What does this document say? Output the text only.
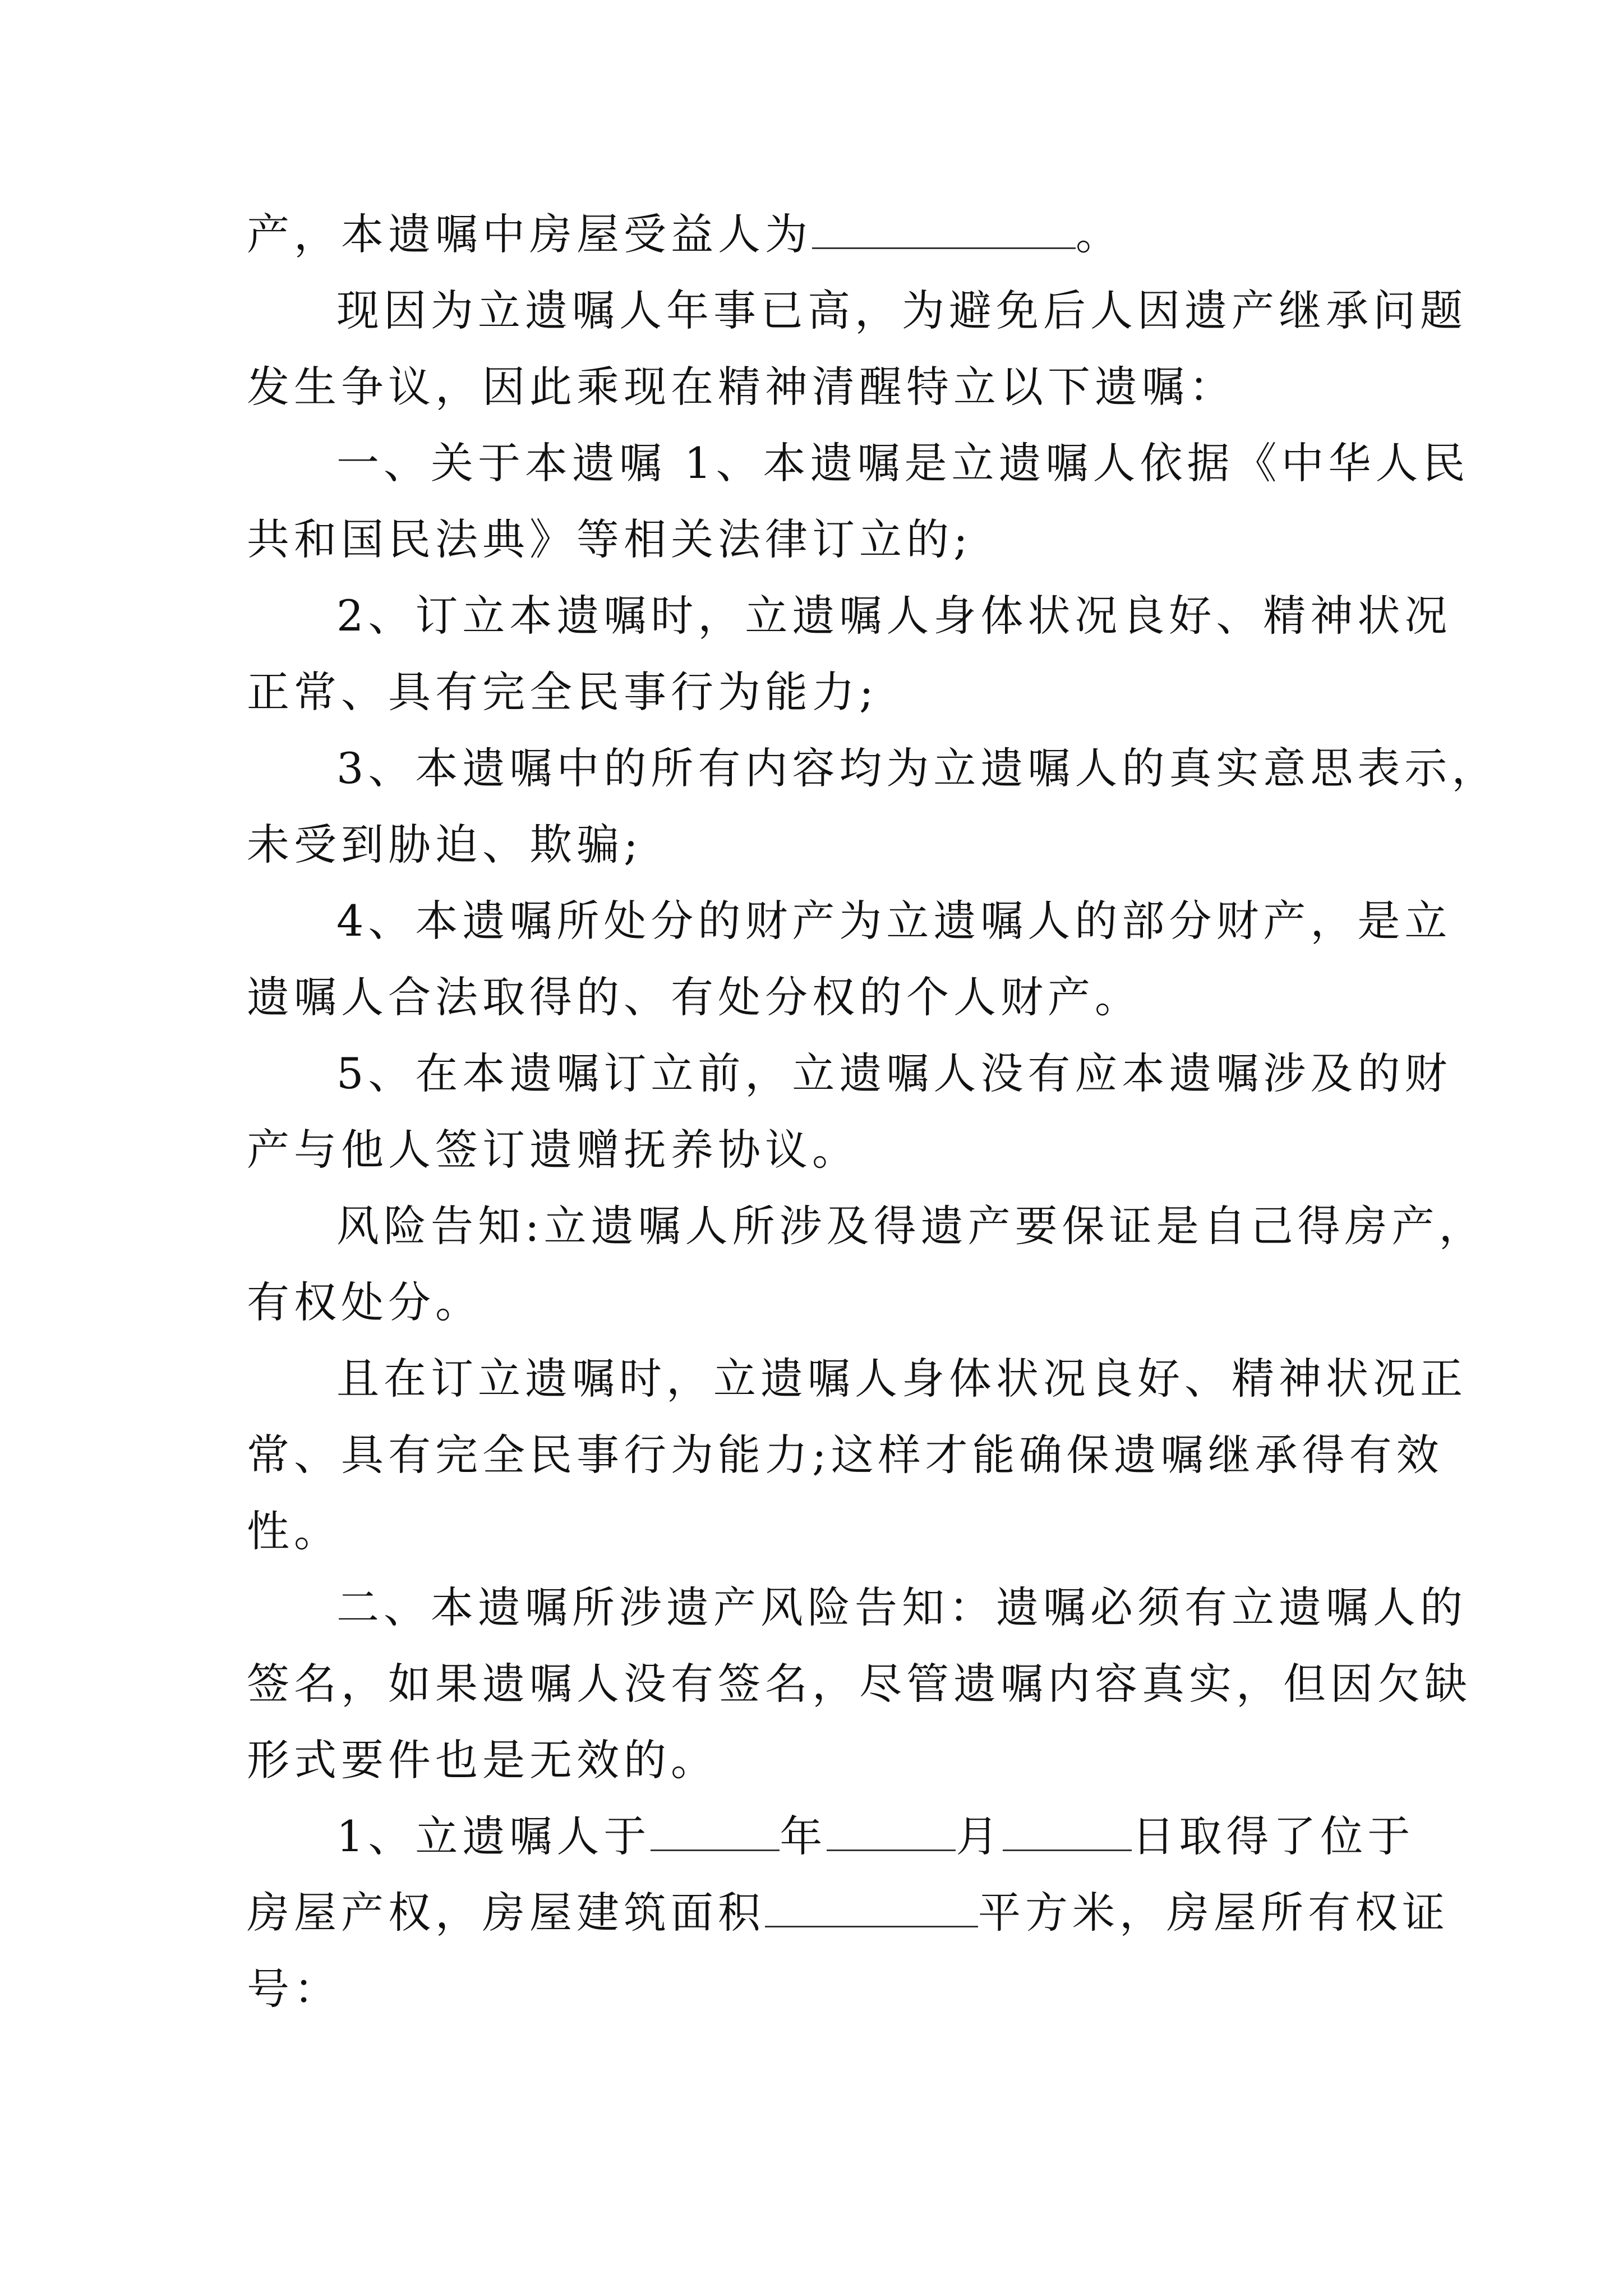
产，本遗嘱中房屋受益人为	。
现因为立遗嘱人年事已高，为避免后人因遗产继承问题
发生争议，因此乘现在精神清醒特立以下遗嘱：
一、关于本遗嘱 1、本遗嘱是立遗嘱人依据《中华人民
共和国民法典》等相关法律订立的;
2、订立本遗嘱时，立遗嘱人身体状况良好、精神状况
正常、具有完全民事行为能力;
3、本遗嘱中的所有内容均为立遗嘱人的真实意思表示，
未受到胁迫、欺骗;
4、本遗嘱所处分的财产为立遗嘱人的部分财产，是立
遗嘱人合法取得的、有处分权的个人财产。
5、在本遗嘱订立前，立遗嘱人没有应本遗嘱涉及的财
产与他人签订遗赠抚养协议。
风险告知:立遗嘱人所涉及得遗产要保证是自己得房产，
有权处分。
且在订立遗嘱时，立遗嘱人身体状况良好、精神状况正
常、具有完全民事行为能力;这样才能确保遗嘱继承得有效
性。
二、本遗嘱所涉遗产风险告知：遗嘱必须有立遗嘱人的
签名，如果遗嘱人没有签名，尽管遗嘱内容真实，但因欠缺
形式要件也是无效的。
1、立遗嘱人于	年	月	日取得了位于
房屋产权，房屋建筑面积	平方米，房屋所有权证
号：
